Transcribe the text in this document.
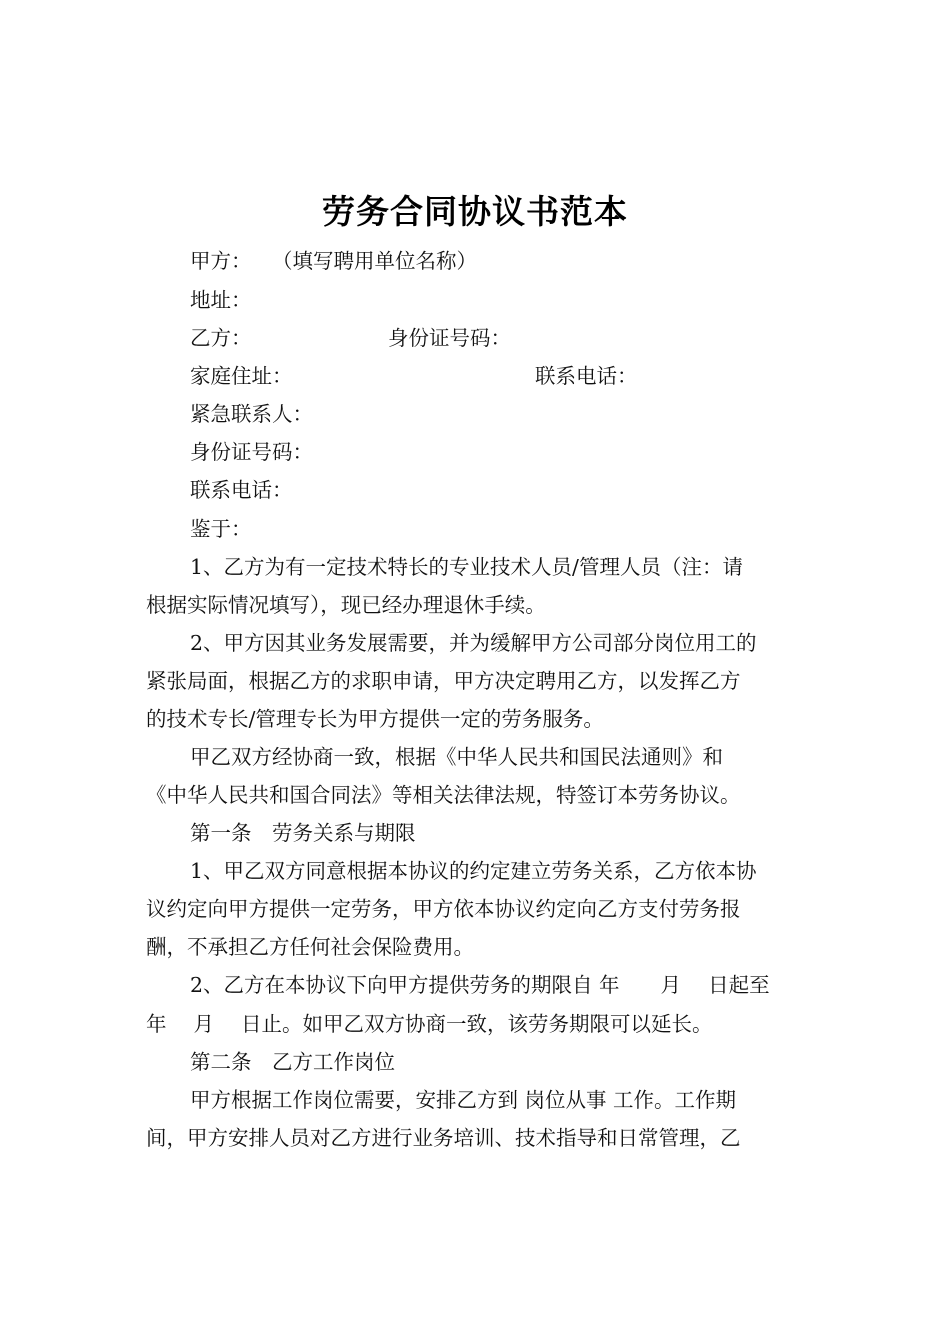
劳务合同协议书范本
甲方： （填写聘用单位名称）
地址：
乙方：	身份证号码：
家庭住址：	联系电话：
紧急联系人：
身份证号码：
联系电话：
鉴于：
1、乙方为有一定技术特长的专业技术人员/管理人员（注：请
根据实际情况填写），现已经办理退休手续。
2、甲方因其业务发展需要，并为缓解甲方公司部分岗位用工的
紧张局面，根据乙方的求职申请，甲方决定聘用乙方，以发挥乙方
的技术专长/管理专长为甲方提供一定的劳务服务。
甲乙双方经协商一致，根据《中华人民共和国民法通则》和
《中华人民共和国合同法》等相关法律法规，特签订本劳务协议。
第一条　劳务关系与期限
1、甲乙双方同意根据本协议的约定建立劳务关系，乙方依本协
议约定向甲方提供一定劳务，甲方依本协议约定向乙方支付劳务报
酬，不承担乙方任何社会保险费用。
2、乙方在本协议下向甲方提供劳务的期限自 年　　月　 日起至
年　 月　 日止。如甲乙双方协商一致，该劳务期限可以延长。
第二条　乙方工作岗位
甲方根据工作岗位需要，安排乙方到 岗位从事 工作。工作期
间，甲方安排人员对乙方进行业务培训、技术指导和日常管理，乙
